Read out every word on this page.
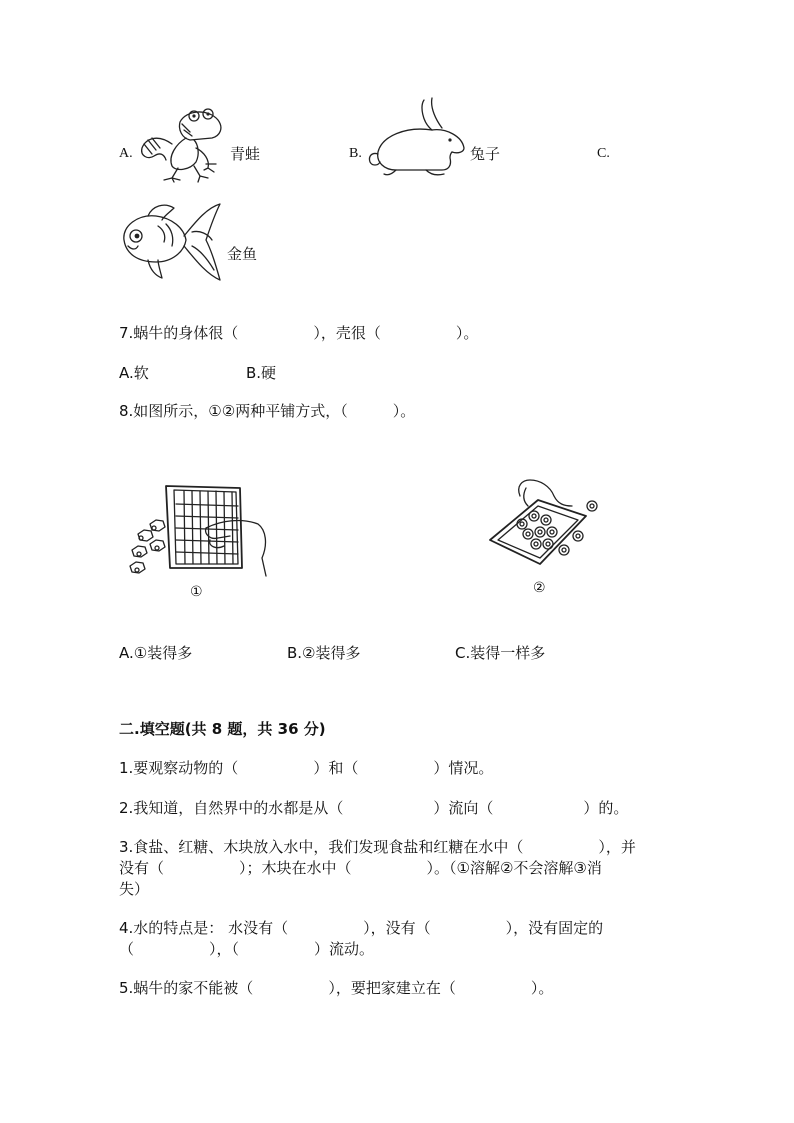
A.	青蛙	B.	兔子	C.
金鱼
7.蜗牛的身体很（　　　　　），壳很（　　　　　）。
A.软	B.硬
8.如图所示，①②两种平铺方式，（　　　）。
①	②
A.①装得多	B.②装得多	C.装得一样多
二.填空题(共 8 题，共 36 分)
1.要观察动物的（　　　　　）和（　　　　　）情况。
2.我知道，自然界中的水都是从（　　　　　　）流向（　　　　　　）的。
3.食盐、红糖、木块放入水中，我们发现食盐和红糖在水中（　　　　　），并
没有（　　　　　）；木块在水中（　　　　　）。（①溶解②不会溶解③消
失）
4.水的特点是： 水没有（　　　　　），没有（　　　　　），没有固定的
（　　　　　），（　　　　　）流动。
5.蜗牛的家不能被（　　　　　），要把家建立在（　　　　　）。
